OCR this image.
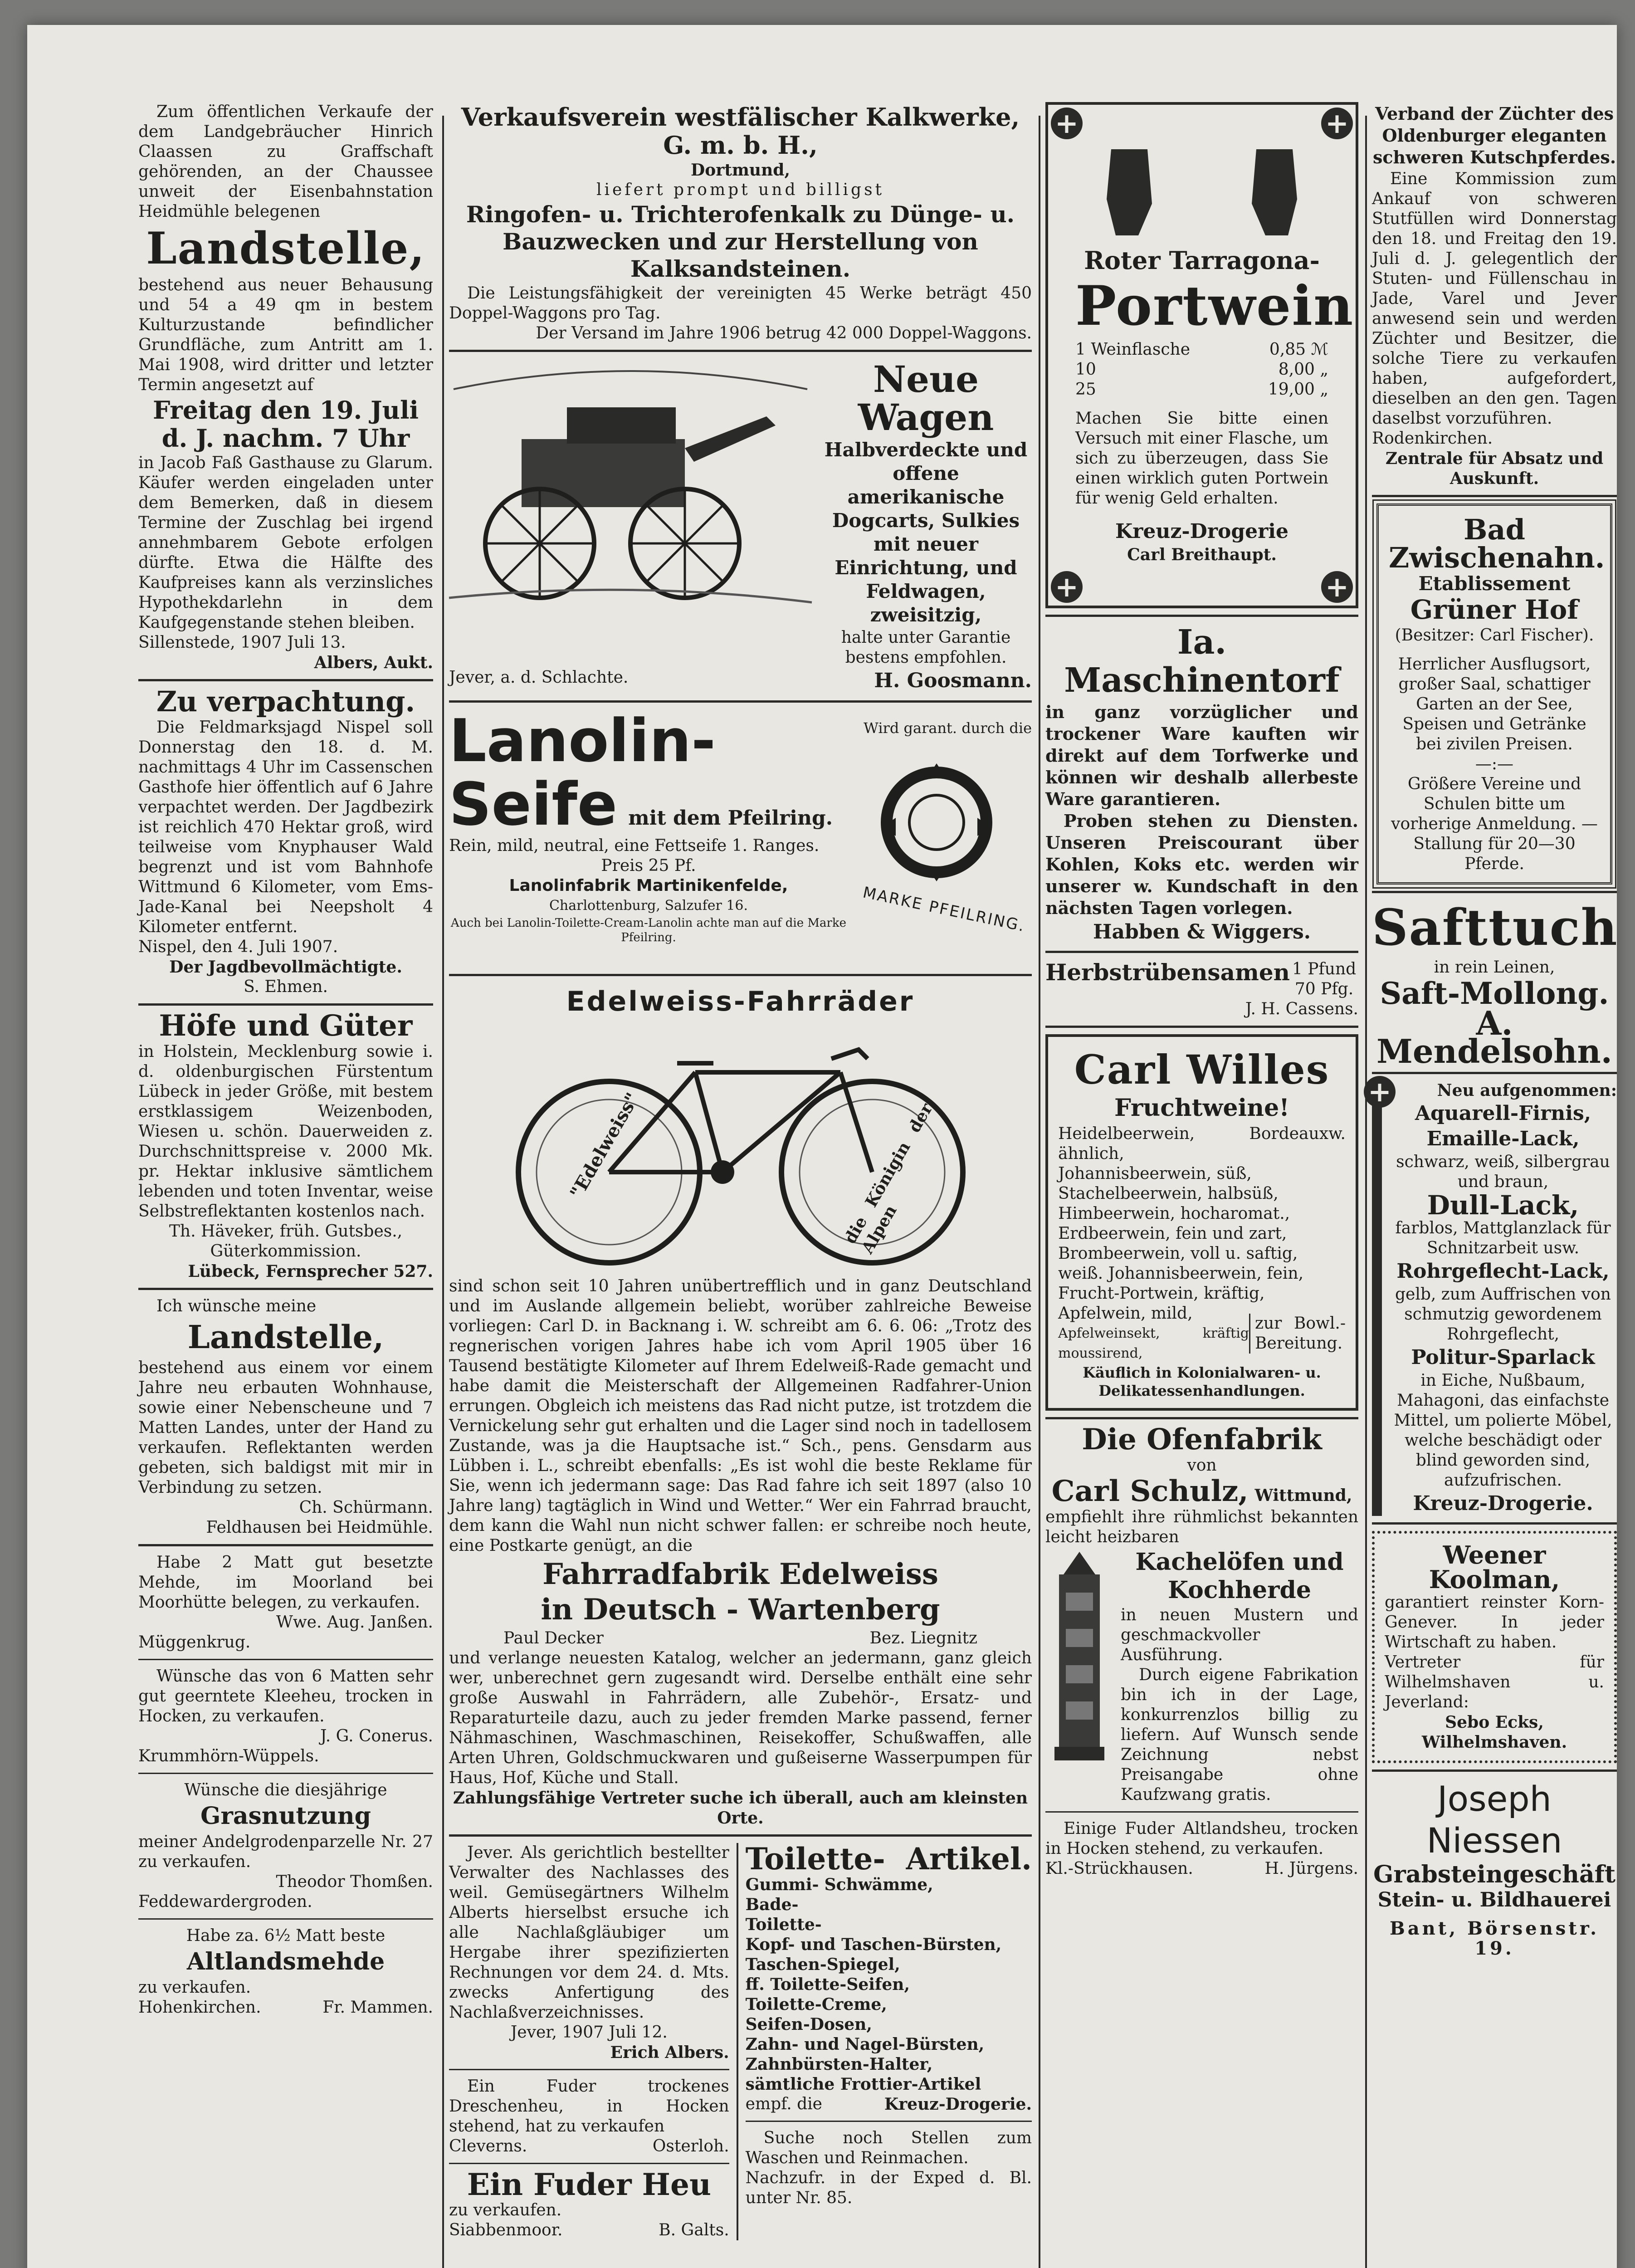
Zum öffentlichen Verkaufe der dem Landgebräucher Hinrich Claassen zu Graffschaft gehörenden, an der Chaussee unweit der Eisenbahnstation Heidmühle belegenen

Landstelle,

bestehend aus neuer Behausung und 54 a 49 qm in bestem Kulturzustande befindlicher Grundfläche, zum Antritt am 1. Mai 1908, wird dritter und letzter Termin angesetzt auf

Freitag den 19. Juli d. J. nachm. 7 Uhr

in Jacob Faß Gasthause zu Glarum. Käufer werden eingeladen unter dem Bemerken, daß in diesem Termine der Zuschlag bei irgend annehmbarem Gebote erfolgen dürfte. Etwa die Hälfte des Kaufpreises kann als verzinsliches Hypothekdarlehn in dem Kaufgegenstande stehen bleiben.

Sillenstede, 1907 Juli 13.

Albers, Aukt.

Zu verpachtung.

Die Feldmarksjagd Nispel soll Donnerstag den 18. d. M. nachmittags 4 Uhr im Cassenschen Gasthofe hier öffentlich auf 6 Jahre verpachtet werden. Der Jagdbezirk ist reichlich 470 Hektar groß, wird teilweise vom Knyphauser Wald begrenzt und ist vom Bahnhofe Wittmund 6 Kilometer, vom Ems-Jade-Kanal bei Neepsholt 4 Kilometer entfernt.

Nispel, den 4. Juli 1907.

Der Jagdbevollmächtigte.

S. Ehmen.

Höfe und Güter

in Holstein, Mecklenburg sowie i. d. oldenburgischen Fürstentum Lübeck in jeder Größe, mit bestem erstklassigem Weizenboden, Wiesen u. schön. Dauerweiden z. Durchschnittspreise v. 2000 Mk. pr. Hektar inklusive sämtlichem lebenden und toten Inventar, weise Selbstreflektanten kostenlos nach.

Th. Häveker, früh. Gutsbes., Güterkommission.

Lübeck, Fernsprecher 527.

Ich wünsche meine

Landstelle,

bestehend aus einem vor einem Jahre neu erbauten Wohnhause, sowie einer Nebenscheune und 7 Matten Landes, unter der Hand zu verkaufen. Reflektanten werden gebeten, sich baldigst mit mir in Verbindung zu setzen.

Ch. Schürmann.

Feldhausen bei Heidmühle.

Habe 2 Matt gut besetzte Mehde, im Moorland bei Moorhütte belegen, zu verkaufen.

Wwe. Aug. Janßen.

Müggenkrug.

Wünsche das von 6 Matten sehr gut geerntete Kleeheu, trocken in Hocken, zu verkaufen.

J. G. Conerus.

Krummhörn-Wüppels.

Wünsche die diesjährige

Grasnutzung

meiner Andelgrodenparzelle Nr. 27 zu verkaufen.

Theodor Thomßen.

Feddewardergroden.

Habe za. 6½ Matt beste

Altlandsmehde

zu verkaufen.

Hohenkirchen.	Fr. Mammen.
Verkaufsverein westfälischer Kalkwerke, G. m. b. H.,

Dortmund,

liefert prompt und billigst

Ringofen- u. Trichterofenkalk zu Dünge- u. Bauzwecken und zur Herstellung von Kalksandsteinen.

Die Leistungsfähigkeit der vereinigten 45 Werke beträgt 450 Doppel-Waggons pro Tag.

Der Versand im Jahre 1906 betrug 42 000 Doppel-Waggons.

Neue Wagen
Halbverdeckte und offene amerikanische Dogcarts, Sulkies mit neuer Einrichtung, und Feldwagen, zweisitzig,

halte unter Garantie bestens empfohlen.

Jever, a. d. Schlachte.	H. Goosmann.
Lanolin-
Seife mit dem Pfeilring.

Rein, mild, neutral, eine Fettseife 1. Ranges.

Preis 25 Pf.

Lanolinfabrik Martinikenfelde,

Charlottenburg, Salzufer 16.

Auch bei Lanolin-Toilette-Cream-Lanolin achte man auf die Marke Pfeilring.

Wird garant. durch die

MARKE PFEILRING.

Edelweiss-Fahrräder
"Edelweiss"	die Königin der Alpen

sind schon seit 10 Jahren unübertrefflich und in ganz Deutschland und im Auslande allgemein beliebt, worüber zahlreiche Beweise vorliegen: Carl D. in Backnang i. W. schreibt am 6. 6. 06: „Trotz des regnerischen vorigen Jahres habe ich vom April 1905 über 16 Tausend bestätigte Kilometer auf Ihrem Edelweiß-Rade gemacht und habe damit die Meisterschaft der Allgemeinen Radfahrer-Union errungen. Obgleich ich meistens das Rad nicht putze, ist trotzdem die Vernickelung sehr gut erhalten und die Lager sind noch in tadellosem Zustande, was ja die Hauptsache ist.“ Sch., pens. Gensdarm aus Lübben i. L., schreibt ebenfalls: „Es ist wohl die beste Reklame für Sie, wenn ich jedermann sage: Das Rad fahre ich seit 1897 (also 10 Jahre lang) tagtäglich in Wind und Wetter.“ Wer ein Fahrrad braucht, dem kann die Wahl nun nicht schwer fallen: er schreibe noch heute, eine Postkarte genügt, an die

Fahrradfabrik Edelweiss
in Deutsch - Wartenberg
Paul Decker	Bez. Liegnitz

und verlange neuesten Katalog, welcher an jedermann, ganz gleich wer, unberechnet gern zugesandt wird. Derselbe enthält eine sehr große Auswahl in Fahrrädern, alle Zubehör-, Ersatz- und Reparaturteile dazu, auch zu jeder fremden Marke passend, ferner Nähmaschinen, Waschmaschinen, Reisekoffer, Schußwaffen, alle Arten Uhren, Goldschmuckwaren und gußeiserne Wasserpumpen für Haus, Hof, Küche und Stall.

Zahlungsfähige Vertreter suche ich überall, auch am kleinsten Orte.

Jever. Als gerichtlich bestellter Verwalter des Nachlasses des weil. Gemüsegärtners Wilhelm Alberts hierselbst ersuche ich alle Nachlaßgläubiger um Hergabe ihrer spezifizierten Rechnungen vor dem 24. d. Mts. zwecks Anfertigung des Nachlaßverzeichnisses.

Jever, 1907 Juli 12.

Erich Albers.

Ein Fuder trockenes Dreschenheu, in Hocken stehend, hat zu verkaufen

Cleverns.	Osterloh.
Ein Fuder Heu

zu verkaufen.

Siabbenmoor.	B. Galts.
Toilette-  Artikel.
Gummi-Bade-Toilette-
Schwämme,

Kopf- und Taschen-Bürsten,

Taschen-Spiegel,

ff. Toilette-Seifen,

Toilette-Creme,

Seifen-Dosen,

Zahn- und Nagel-Bürsten,

Zahnbürsten-Halter,

sämtliche Frottier-Artikel

empf. die	Kreuz-Drogerie.

Suche noch Stellen zum Waschen und Reinmachen.

Nachzufr. in der Exped d. Bl. unter Nr. 85.

+	+
+	+
Roter Tarragona-
Portwein
1 Weinflasche	0,85 ℳ
10	8,00 „
25	19,00 „

Machen Sie bitte einen Versuch mit einer Flasche, um sich zu überzeugen, dass Sie einen wirklich guten Portwein für wenig Geld erhalten.

Kreuz-Drogerie

Carl Breithaupt.

Ia. Maschinentorf

in ganz vorzüglicher und trockener Ware kauften wir direkt auf dem Torfwerke und können wir deshalb allerbeste Ware garantieren.

Proben stehen zu Diensten. Unseren Preiscourant über Kohlen, Koks etc. werden wir unserer w. Kundschaft in den nächsten Tagen vorlegen.

Habben & Wiggers.
Herbstrübensamen 1 Pfund 70 Pfg.

J. H. Cassens.

Carl Willes
Fruchtweine!

Heidelbeerwein, Bordeauxw. ähnlich,

Johannisbeerwein, süß,

Stachelbeerwein, halbsüß,

Himbeerwein, hocharomat.,

Erdbeerwein, fein und zart,

Brombeerwein, voll u. saftig,

weiß. Johannisbeerwein, fein,

Frucht-Portwein, kräftig,

Apfelwein, mild,

Apfelweinsekt, kräftig moussirend,

zur Bowl.-Bereitung.

Käuflich in Kolonialwaren- u. Delikatessenhandlungen.

Die Ofenfabrik

von

Carl Schulz, Wittmund,

empfiehlt ihre rühmlichst bekannten leicht heizbaren

Kachelöfen und Kochherde

in neuen Mustern und geschmackvoller Ausführung.

Durch eigene Fabrikation bin ich in der Lage, konkurrenzlos billig zu liefern. Auf Wunsch sende Zeichnung nebst Preisangabe ohne Kaufzwang gratis.

Einige Fuder Altlandsheu, trocken in Hocken stehend, zu verkaufen.

Kl.-Strückhausen.	H. Jürgens.
Verband der Züchter des Oldenburger eleganten schweren Kutschpferdes.

Eine Kommission zum Ankauf von schweren Stutfüllen wird Donnerstag den 18. und Freitag den 19. Juli d. J. gelegentlich der Stuten- und Füllenschau in Jade, Varel und Jever anwesend sein und werden Züchter und Besitzer, die solche Tiere zu verkaufen haben, aufgefordert, dieselben an den gen. Tagen daselbst vorzuführen.

Rodenkirchen.

Zentrale für Absatz und Auskunft.

Bad Zwischenahn.

Etablissement

Grüner Hof

(Besitzer: Carl Fischer).

Herrlicher Ausflugsort, großer Saal, schattiger Garten an der See, Speisen und Getränke bei zivilen Preisen.

—:—

Größere Vereine und Schulen bitte um vorherige Anmeldung. — Stallung für 20—30 Pferde.

Safttuch

in rein Leinen,

Saft-Mollong.
A. Mendelsohn.
+	Neu aufgenommen:

Aquarell-Firnis,
Emaille-Lack,

schwarz, weiß, silbergrau und braun,

Dull-Lack,

farblos, Mattglanzlack für Schnitzarbeit usw.

Rohrgeflecht-Lack,

gelb, zum Auffrischen von schmutzig gewordenem Rohrgeflecht,

Politur-Sparlack

in Eiche, Nußbaum, Mahagoni, das einfachste Mittel, um polierte Möbel, welche beschädigt oder blind geworden sind, aufzufrischen.

Kreuz-Drogerie.
Weener Koolman,

garantiert reinster Korn-Genever. In jeder Wirtschaft zu haben.

Vertreter für Wilhelmshaven u. Jeverland:

Sebo Ecks, Wilhelmshaven.

Joseph Niessen
Grabsteingeschäft
Stein- u. Bildhauerei

Bant, Börsenstr. 19.
